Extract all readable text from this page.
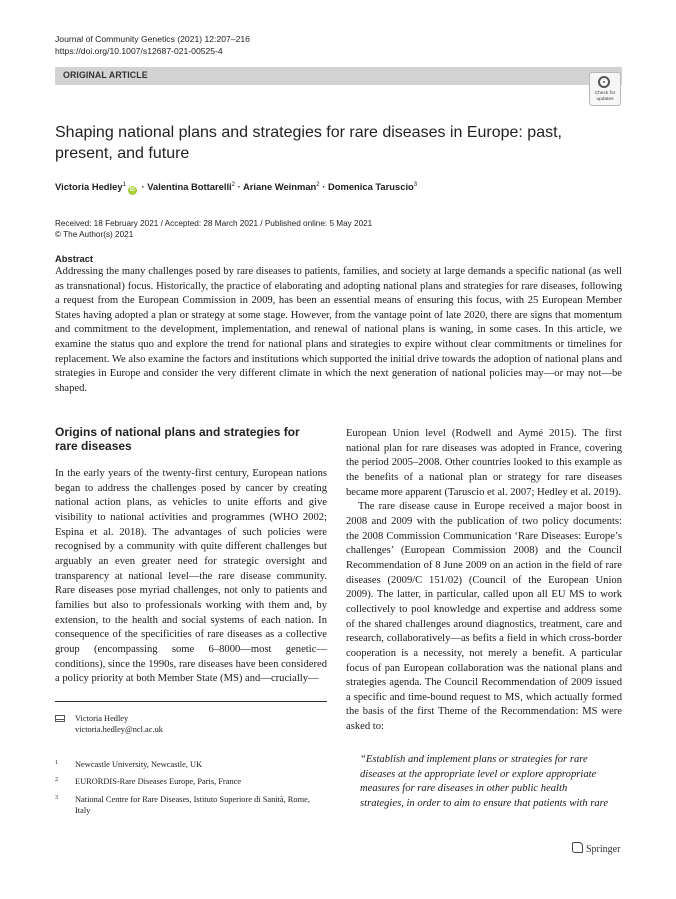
Journal of Community Genetics (2021) 12:207–216
https://doi.org/10.1007/s12687-021-00525-4
ORIGINAL ARTICLE
Check for
updates
Shaping national plans and strategies for rare diseases in Europe: past, present, and future
Victoria Hedley$^1$iD · Valentina Bottarelli$^2$ · Ariane Weinman$^2$ · Domenica Taruscio$^3$
Received: 18 February 2021 / Accepted: 28 March 2021 / Published online: 5 May 2021
© The Author(s) 2021
Abstract
Addressing the many challenges posed by rare diseases to patients, families, and society at large demands a specific national (as well as transnational) focus. Historically, the practice of elaborating and adopting national plans and strategies for rare diseases, following a request from the European Commission in 2009, has been an essential means of ensuring this focus, with 25 European Member States having adopted a plan or strategy at some stage. However, from the vantage point of late 2020, there are signs that momentum and commitment to the development, implementation, and renewal of national plans is waning, in some cases. In this article, we examine the status quo and explore the trend for national plans and strategies to expire without clear commitments or timelines for replacement. We also examine the factors and institutions which supported the initial drive towards the adoption of national plans and strategies in Europe and consider the very different climate in which the next generation of national policies may—or may not—be shaped.
Origins of national plans and strategies for rare diseases

In the early years of the twenty-first century, European nations began to address the challenges posed by cancer by creating national action plans, as vehicles to unite efforts and give visibility to national activities and programmes (WHO 2002; Espina et al. 2018). The advantages of such policies were recognised by a community with quite different challenges but arguably an even greater need for strategic oversight and transparency at national level—the rare disease community. Rare diseases pose myriad challenges, not only to patients and families but also to professionals working with them and, by extension, to the health and social systems of each nation. In consequence of the specificities of rare diseases as a collective group (encompassing some 6–8000—most genetic—conditions), since the 1990s, rare diseases have been considered a policy priority at both Member State (MS) and—crucially—

Victoria Hedley
victoria.hedley@ncl.ac.uk
1 Newcastle University, Newcastle, UK
2 EURORDIS-Rare Diseases Europe, Paris, France
3 National Centre for Rare Diseases, Istituto Superiore di Sanità, Rome, Italy

European Union level (Rodwell and Aymé 2015). The first national plan for rare diseases was adopted in France, covering the period 2005–2008. Other countries looked to this example as the benefits of a national plan or strategy for rare diseases became more apparent (Taruscio et al. 2007; Hedley et al. 2019).

The rare disease cause in Europe received a major boost in 2008 and 2009 with the publication of two policy documents: the 2008 Commission Communication ‘Rare Diseases: Europe’s challenges’ (European Commission 2008) and the Council Recommendation of 8 June 2009 on an action in the field of rare diseases (2009/C 151/02) (Council of the European Union 2009). The latter, in particular, called upon all EU MS to work collectively to pool knowledge and expertise and address some of the shared challenges around diagnostics, treatment, care and research, collaboratively—as befits a field in which cross-border cooperation is a necessity, not merely a benefit. A particular focus of pan European collaboration was the national plans and strategies agenda. The Council Recommendation of 2009 issued a specific and time-bound request to MS, which actually formed the basis of the first Theme of the Recommendation: MS were asked to:

“Establish and implement plans or strategies for rare diseases at the appropriate level or explore appropriate measures for rare diseases in other public health strategies, in order to aim to ensure that patients with rare
Springer
